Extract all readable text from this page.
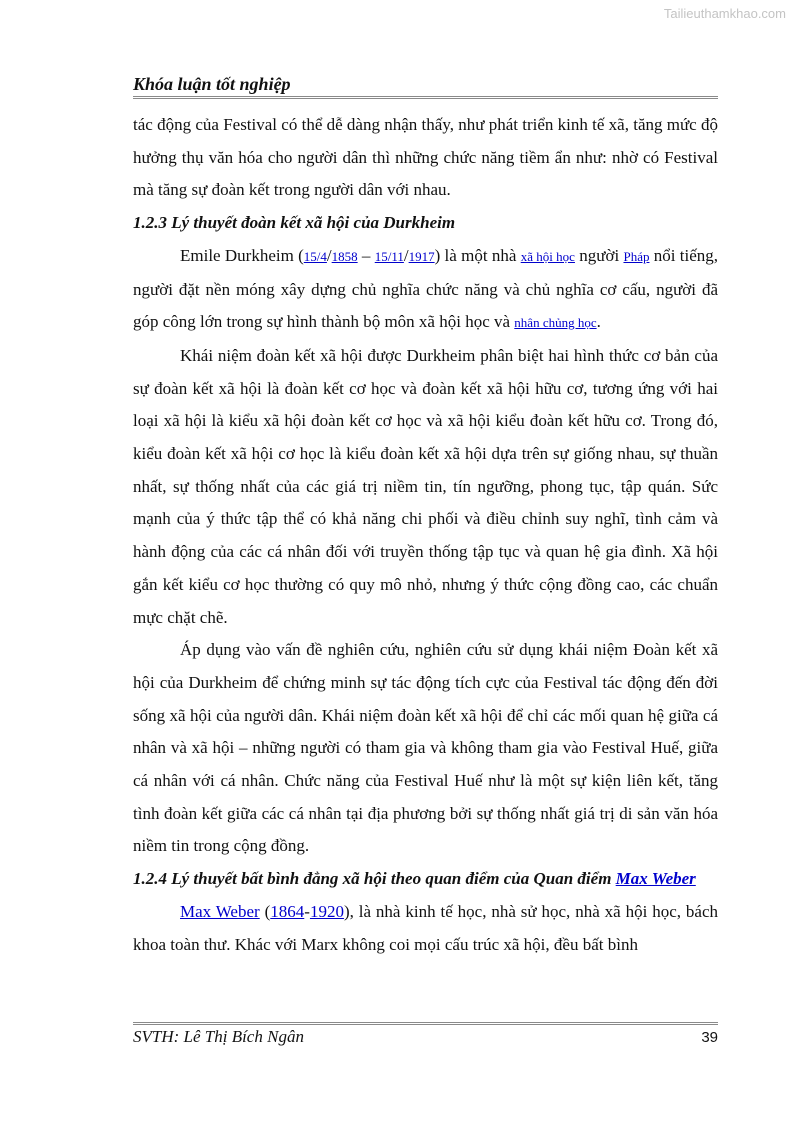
Tailieuthamkhao.com
Khóa luận tốt nghiệp

tác động của Festival có thể dễ dàng nhận thấy, như phát triển kinh tế xã, tăng mức độ hưởng thụ văn hóa cho người dân thì những chức năng tiềm ẩn như: nhờ có Festival mà tăng sự đoàn kết trong người dân với nhau.

1.2.3 Lý thuyết đoàn kết xã hội của Durkheim

Emile Durkheim (15/4/1858 – 15/11/1917) là một nhà xã hội học người Pháp nổi tiếng, người đặt nền móng xây dựng chủ nghĩa chức năng và chủ nghĩa cơ cấu, người đã góp công lớn trong sự hình thành bộ môn xã hội học và nhân chủng học.

Khái niệm đoàn kết xã hội được Durkheim phân biệt hai hình thức cơ bản của sự đoàn kết xã hội là đoàn kết cơ học và đoàn kết xã hội hữu cơ, tương ứng với hai loại xã hội là kiểu xã hội đoàn kết cơ học và xã hội kiểu đoàn kết hữu cơ. Trong đó, kiểu đoàn kết xã hội cơ học là kiểu đoàn kết xã hội dựa trên sự giống nhau, sự thuần nhất, sự thống nhất của các giá trị niềm tin, tín ngưỡng, phong tục, tập quán. Sức mạnh của ý thức tập thể có khả năng chi phối và điều chỉnh suy nghĩ, tình cảm và hành động của các cá nhân đối với truyền thống tập tục và quan hệ gia đình. Xã hội gắn kết kiểu cơ học thường có quy mô nhỏ, nhưng ý thức cộng đồng cao, các chuẩn mực chặt chẽ.

Áp dụng vào vấn đề nghiên cứu, nghiên cứu sử dụng khái niệm Đoàn kết xã hội của Durkheim để chứng minh sự tác động tích cực của Festival tác động đến đời sống xã hội của người dân. Khái niệm đoàn kết xã hội để chỉ các mối quan hệ giữa cá nhân và xã hội – những người có tham gia và không tham gia vào Festival Huế, giữa cá nhân với cá nhân. Chức năng của Festival Huế như là một sự kiện liên kết, tăng tình đoàn kết giữa các cá nhân tại địa phương bởi sự thống nhất giá trị di sản văn hóa niềm tin trong cộng đồng.

1.2.4 Lý thuyết bất bình đẳng xã hội theo quan điểm của Quan điểm Max Weber

Max Weber (1864-1920), là nhà kinh tế học, nhà sử học, nhà xã hội học, bách khoa toàn thư. Khác với Marx không coi mọi cấu trúc xã hội, đều bất bình

SVTH: Lê Thị Bích Ngân	39
